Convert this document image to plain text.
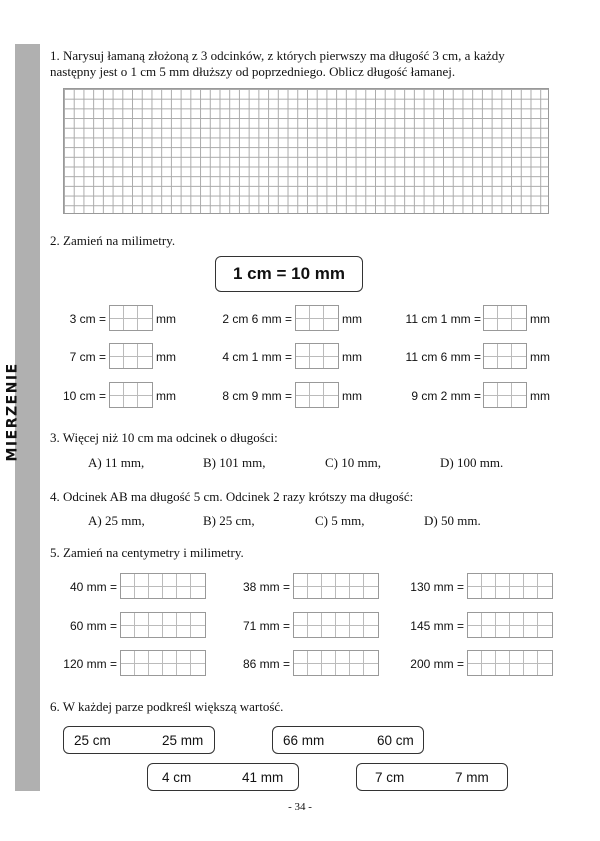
MIERZENIE
1. Narysuj łamaną złożoną z 3 odcinków, z których pierwszy ma długość 3 cm, a każdy następny jest o 1 cm 5 mm dłuższy od poprzedniego. Oblicz długość łamanej.
2. Zamień na milimetry.
1 cm = 10 mm
3 cm =	mm	2 cm 6 mm =	mm	11 cm 1 mm =	mm
7 cm =	mm	4 cm 1 mm =	mm	11 cm 6 mm =	mm
10 cm =	mm	8 cm 9 mm =	mm	9 cm 2 mm =	mm
3. Więcej niż 10 cm ma odcinek o długości:
A) 11 mm,	B) 101 mm,	C) 10 mm,	D) 100 mm.
4. Odcinek AB ma długość 5 cm. Odcinek 2 razy krótszy ma długość:
A) 25 mm,	B) 25 cm,	C) 5 mm,	D) 50 mm.
5. Zamień na centymetry i milimetry.
40 mm =	38 mm =	130 mm =
60 mm =	71 mm =	145 mm =
120 mm =	86 mm =	200 mm =
6. W każdej parze podkreśl większą wartość.
25 cm	25 mm	66 mm	60 cm
4 cm	41 mm	7 cm	7 mm
- 34 -
